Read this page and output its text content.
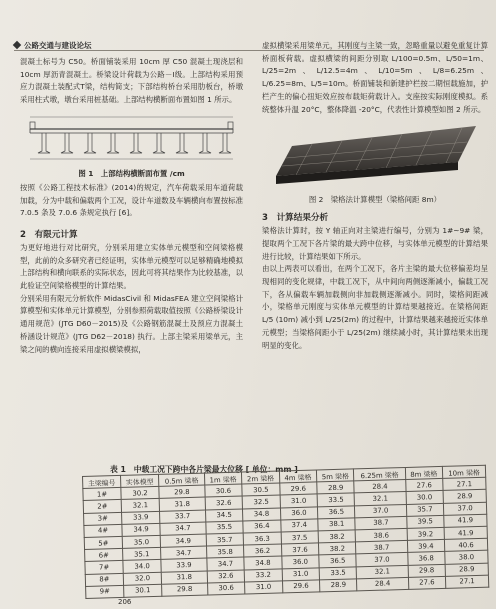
公路交通与建设论坛

混凝土标号为 C50。桥面铺装采用 10cm 厚 C50 混凝土现浇层和 10cm 厚沥青混凝土。桥梁设计荷载为公路－Ⅰ级。上部结构采用预应力混凝土装配式T梁，结构简支；下部结构桥台采用肋板台，桥墩采用柱式墩，墩台采用桩基础。上部结构横断面布置如图 1 所示。

图 1　上部结构横断面布置 /cm

按照《公路工程技术标准》(2014)的规定，汽车荷载采用车道荷载加载，分为中载和偏载两个工况，设计车道数及车辆横向布置按标准 7.0.5 条及 7.0.6 条规定执行 [6]。

2　有限元计算

为更好地进行对比研究，分别采用建立实体单元模型和空间梁格模型，此前的众多研究者已经证明，实体单元模型可以足够精确地模拟上部结构和横向联系的实际状态，因此可将其结果作为比较基准，以此验证空间梁格模型的计算结果。

分别采用有限元分析软件 MidasCivil 和 MidasFEA 建立空间梁格计算模型和实体单元计算模型，分别参照荷载取值按照《公路桥梁设计通用规范》(JTG D60－2015)及《公路钢筋混凝土及预应力混凝土桥涵设计规范》(JTG D62－2018) 执行。上部主梁采用梁单元，主梁之间的横向连接采用虚拟横梁模拟，

虚拟横梁采用梁单元，其刚度与主梁一致，忽略重量以避免重复计算桥面板荷载。虚拟横梁的间距分别取 L/100=0.5m、L/50=1m、L/25=2m、L/12.5=4m、L/10=5m、L/8=6.25m、L/6.25=8m、L/5=10m。桥面铺装和新建护栏按二期恒载施加，护栏产生的偏心扭矩效应按布载矩荷载计入。支座按实际刚度模拟。系统整体升温 20°C，整体降温 -20°C，代表性计算模型如图 2 所示。

图 2　梁格法计算模型（梁格间距 8m）

3　计算结果分析

梁格法计算时，按 Y 轴正向对主梁进行编号，分别为 1#~9# 梁，提取两个工况下各片梁的最大跨中位移，与实体单元模型的计算结果进行比较，计算结果如下所示。

由以上两表可以看出，在两个工况下，各片主梁的最大位移偏差均呈现相同的变化规律，中载工况下，从中间向两侧逐渐减小，偏载工况下，各从偏载车辆加载侧向非加载侧逐渐减小。同时，梁格间距减小，梁格单元刚度与实体单元模型的计算结果越接近。在梁格间距 L/5 (10m) 减小到 L/25(2m) 的过程中，计算结果越来越接近实体单元模型；当梁格间距小于 L/25(2m) 继续减小时，其计算结果未出现明显的变化。

表 1　中载工况下跨中各片梁最大位移 [ 单位：mm ]
主梁编号	实体模型	0.5m 梁格	1m 梁格	2m 梁格	4m 梁格	5m 梁格	6.25m 梁格	8m 梁格	10m 梁格
1#	30.2	29.8	30.6	30.5	29.6	28.9	28.4	27.6	27.1
2#	32.1	31.8	32.6	32.5	31.0	33.5	32.1	30.0	28.9
3#	33.9	33.7	34.5	34.8	36.0	36.5	37.0	35.7	37.0
4#	34.9	34.7	35.5	36.4	37.4	38.1	38.7	39.5	41.9
5#	35.0	34.9	35.7	36.3	37.5	38.2	38.6	39.2	41.9
6#	35.1	34.7	35.8	36.2	37.6	38.2	38.7	39.4	40.6
7#	34.0	33.9	34.7	34.8	36.0	36.5	37.0	36.8	38.0
8#	32.0	31.8	32.6	33.2	31.0	33.5	32.1	29.8	28.9
9#	30.1	29.8	30.6	31.0	29.6	28.9	28.4	27.6	27.1
206
